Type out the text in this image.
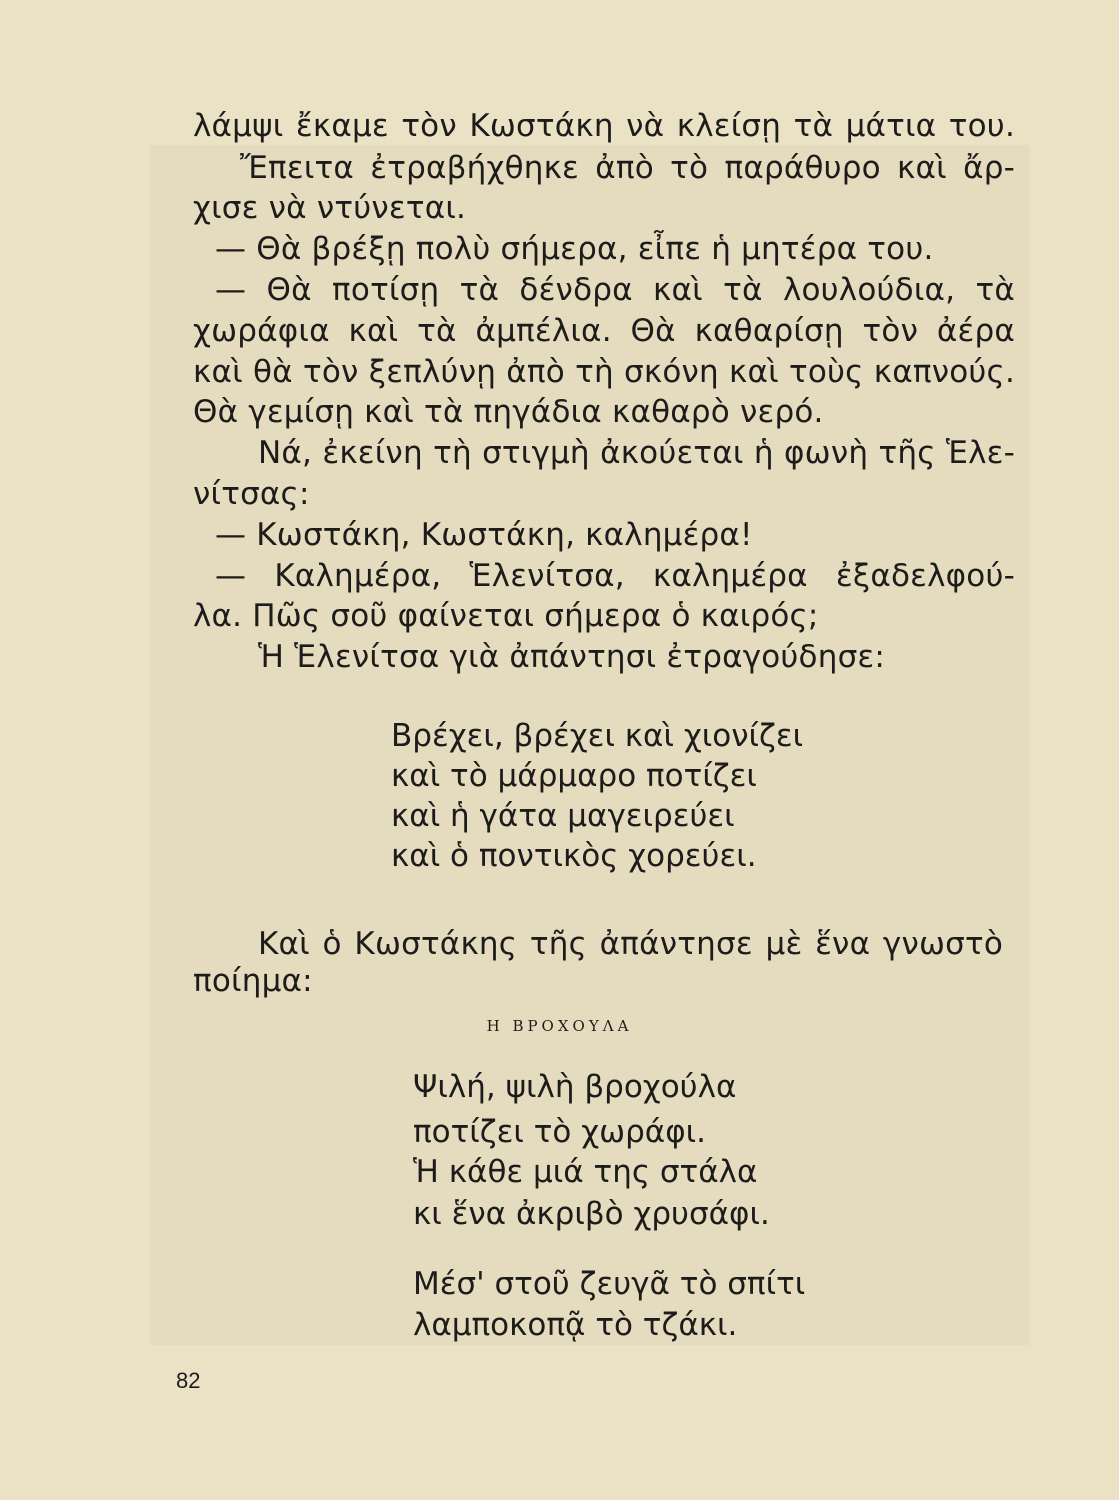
λάμψι ἔκαμε τὸν Κωστάκη νὰ κλείσῃ τὰ μάτια του.
Ἔπειτα ἐτραβήχθηκε ἀπὸ τὸ παράθυρο καὶ ἄρ-
χισε νὰ ντύνεται.
— Θὰ βρέξῃ πολὺ σήμερα, εἶπε ἡ μητέρα του.
— Θὰ ποτίσῃ τὰ δένδρα καὶ τὰ λουλούδια, τὰ
χωράφια καὶ τὰ ἀμπέλια. Θὰ καθαρίσῃ τὸν ἀέρα
καὶ θὰ τὸν ξεπλύνῃ ἀπὸ τὴ σκόνη καὶ τοὺς καπνούς.
Θὰ γεμίσῃ καὶ τὰ πηγάδια καθαρὸ νερό.
Νά, ἐκείνη τὴ στιγμὴ ἀκούεται ἡ φωνὴ τῆς Ἑλε-
νίτσας:
— Κωστάκη, Κωστάκη, καλημέρα!
— Καλημέρα, Ἑλενίτσα, καλημέρα ἐξαδελφού-
λα. Πῶς σοῦ φαίνεται σήμερα ὁ καιρός;
Ἡ Ἑλενίτσα γιὰ ἀπάντησι ἐτραγούδησε:
Βρέχει, βρέχει καὶ χιονίζει
καὶ τὸ μάρμαρο ποτίζει
καὶ ἡ γάτα μαγειρεύει
καὶ ὁ ποντικὸς χορεύει.
Καὶ ὁ Κωστάκης τῆς ἀπάντησε μὲ ἕνα γνωστὸ
ποίημα:
Η ΒΡΟΧΟΥΛΑ
Ψιλή, ψιλὴ βροχούλα
ποτίζει τὸ χωράφι.
Ἡ κάθε μιά της στάλα
κι ἕνα ἀκριβὸ χρυσάφι.
Μέσ' στοῦ ζευγᾶ τὸ σπίτι
λαμποκοπᾷ τὸ τζάκι.
82
